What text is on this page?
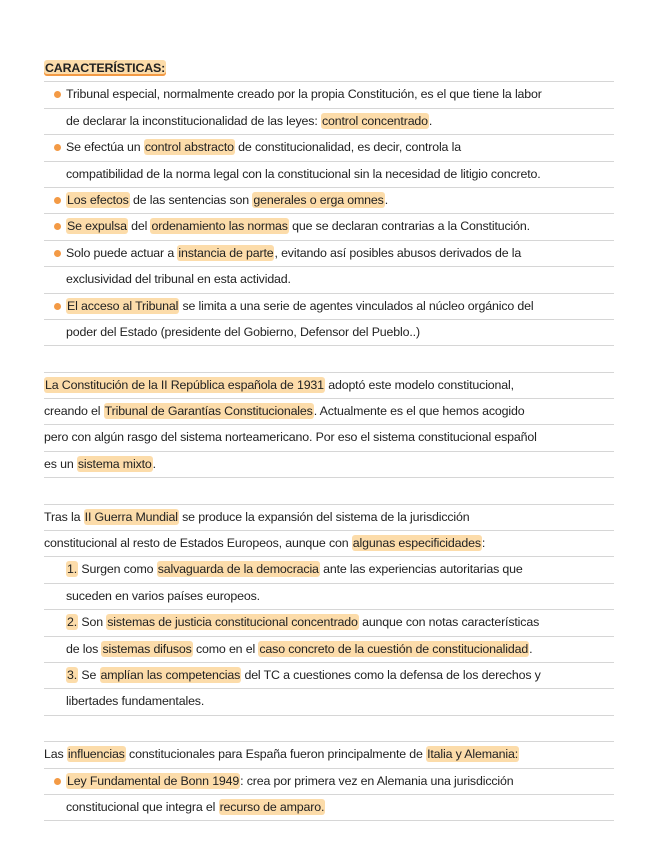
CARACTERÍSTICAS:
Tribunal especial, normalmente creado por la propia Constitución, es el que tiene la labor
de declarar la inconstitucionalidad de las leyes: control concentrado.
Se efectúa un control abstracto de constitucionalidad, es decir, controla la
compatibilidad de la norma legal con la constitucional sin la necesidad de litigio concreto.
Los efectos de las sentencias son generales o erga omnes.
Se expulsa del ordenamiento las normas que se declaran contrarias a la Constitución.
Solo puede actuar a instancia de parte, evitando así posibles abusos derivados de la
exclusividad del tribunal en esta actividad.
El acceso al Tribunal se limita a una serie de agentes vinculados al núcleo orgánico del
poder del Estado (presidente del Gobierno, Defensor del Pueblo..)
La Constitución de la II República española de 1931 adoptó este modelo constitucional,
creando el Tribunal de Garantías Constitucionales. Actualmente es el que hemos acogido
pero con algún rasgo del sistema norteamericano. Por eso el sistema constitucional español
es un sistema mixto.
Tras la II Guerra Mundial se produce la expansión del sistema de la jurisdicción
constitucional al resto de Estados Europeos, aunque con algunas especificidades:
1. Surgen como salvaguarda de la democracia ante las experiencias autoritarias que
suceden en varios países europeos.
2. Son sistemas de justicia constitucional concentrado aunque con notas características
de los sistemas difusos como en el caso concreto de la cuestión de constitucionalidad.
3. Se amplían las competencias del TC a cuestiones como la defensa de los derechos y
libertades fundamentales.
Las influencias constitucionales para España fueron principalmente de Italia y Alemania:
Ley Fundamental de Bonn 1949: crea por primera vez en Alemania una jurisdicción
constitucional que integra el recurso de amparo.
